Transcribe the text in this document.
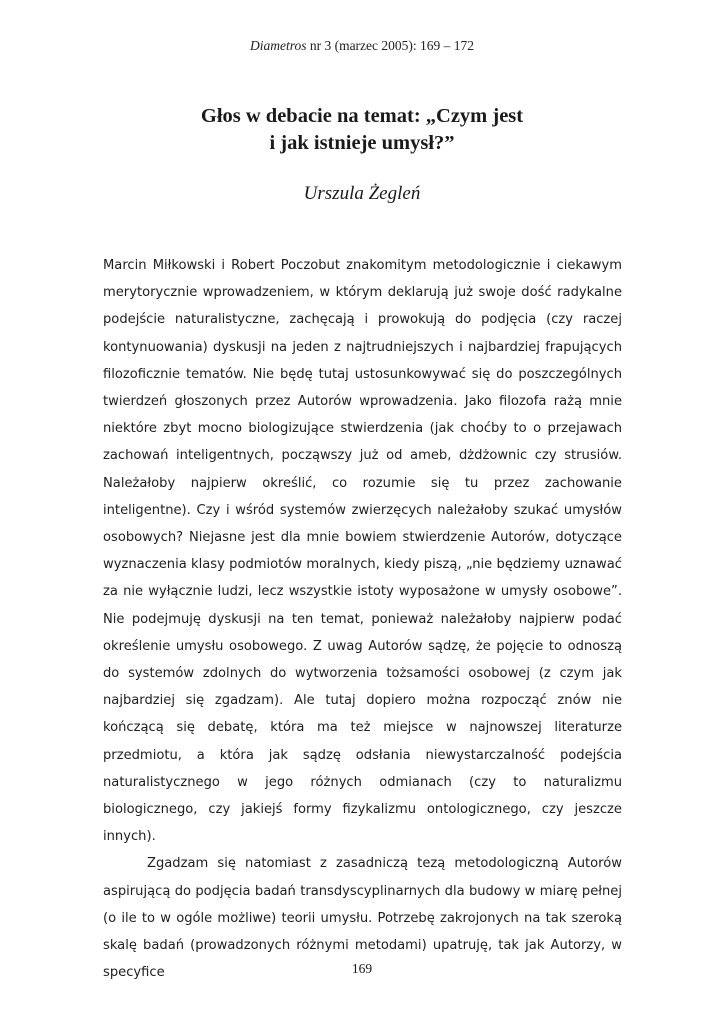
Diametros nr 3 (marzec 2005): 169 – 172
Głos w debacie na temat: „Czym jest
i jak istnieje umysł?”
Urszula Żegleń

Marcin Miłkowski i Robert Poczobut znakomitym metodologicznie i ciekawym merytorycznie wprowadzeniem, w którym deklarują już swoje dość radykalne podejście naturalistyczne, zachęcają i prowokują do podjęcia (czy raczej kontynuowania) dyskusji na jeden z najtrudniejszych i najbardziej frapujących filozoficznie tematów. Nie będę tutaj ustosunkowywać się do poszczególnych twierdzeń głoszonych przez Autorów wprowadzenia. Jako filozofa rażą mnie niektóre zbyt mocno biologizujące stwierdzenia (jak choćby to o przejawach zachowań inteligentnych, począwszy już od ameb, dżdżownic czy strusiów. Należałoby najpierw określić, co rozumie się tu przez zachowanie inteligentne). Czy i wśród systemów zwierzęcych należałoby szukać umysłów osobowych? Niejasne jest dla mnie bowiem stwierdzenie Autorów, dotyczące wyznaczenia klasy podmiotów moralnych, kiedy piszą, „nie będziemy uznawać za nie wyłącznie ludzi, lecz wszystkie istoty wyposażone w umysły osobowe”. Nie podejmuję dyskusji na ten temat, ponieważ należałoby najpierw podać określenie umysłu osobowego. Z uwag Autorów sądzę, że pojęcie to odnoszą do systemów zdolnych do wytworzenia tożsamości osobowej (z czym jak najbardziej się zgadzam). Ale tutaj dopiero można rozpocząć znów nie kończącą się debatę, która ma też miejsce w najnowszej literaturze przedmiotu, a która jak sądzę odsłania niewystarczalność podejścia naturalistycznego w jego różnych odmianach (czy to naturalizmu biologicznego, czy jakiejś formy fizykalizmu ontologicznego, czy jeszcze innych).

Zgadzam się natomiast z zasadniczą tezą metodologiczną Autorów aspirującą do podjęcia badań transdyscyplinarnych dla budowy w miarę pełnej (o ile to w ogóle możliwe) teorii umysłu. Potrzebę zakrojonych na tak szeroką skalę badań (prowadzonych różnymi metodami) upatruję, tak jak Autorzy, w specyfice	169
